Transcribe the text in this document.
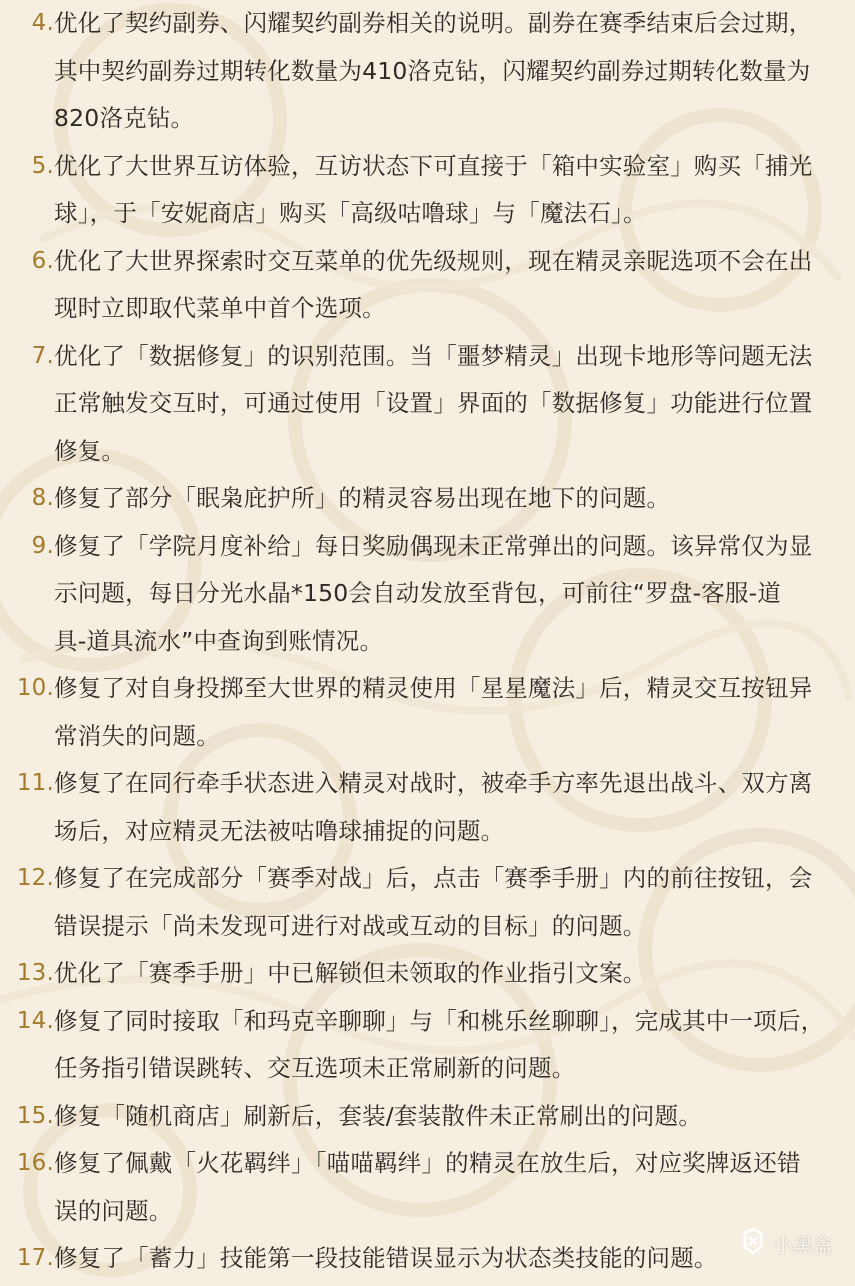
4. 优化了契约副券、闪耀契约副券相关的说明。副券在赛季结束后会过期，
其中契约副券过期转化数量为410洛克钻，闪耀契约副券过期转化数量为
820洛克钻。
5. 优化了大世界互访体验，互访状态下可直接于「箱中实验室」购买「捕光
球」，于「安妮商店」购买「高级咕噜球」与「魔法石」。
6. 优化了大世界探索时交互菜单的优先级规则，现在精灵亲昵选项不会在出
现时立即取代菜单中首个选项。
7. 优化了「数据修复」的识别范围。当「噩梦精灵」出现卡地形等问题无法
正常触发交互时，可通过使用「设置」界面的「数据修复」功能进行位置
修复。
8. 修复了部分「眠枭庇护所」的精灵容易出现在地下的问题。
9. 修复了「学院月度补给」每日奖励偶现未正常弹出的问题。该异常仅为显
示问题，每日分光水晶*150会自动发放至背包，可前往“罗盘-客服-道
具-道具流水”中查询到账情况。
10. 修复了对自身投掷至大世界的精灵使用「星星魔法」后，精灵交互按钮异
常消失的问题。
11. 修复了在同行牵手状态进入精灵对战时，被牵手方率先退出战斗、双方离
场后，对应精灵无法被咕噜球捕捉的问题。
12. 修复了在完成部分「赛季对战」后，点击「赛季手册」内的前往按钮，会
错误提示「尚未发现可进行对战或互动的目标」的问题。
13. 优化了「赛季手册」中已解锁但未领取的作业指引文案。
14. 修复了同时接取「和玛克辛聊聊」与「和桃乐丝聊聊」，完成其中一项后，
任务指引错误跳转、交互选项未正常刷新的问题。
15. 修复「随机商店」刷新后，套装/套装散件未正常刷出的问题。
16. 修复了佩戴「火花羁绊」「喵喵羁绊」的精灵在放生后，对应奖牌返还错
误的问题。
17. 修复了「蓄力」技能第一段技能错误显示为状态类技能的问题。	小黑盒
